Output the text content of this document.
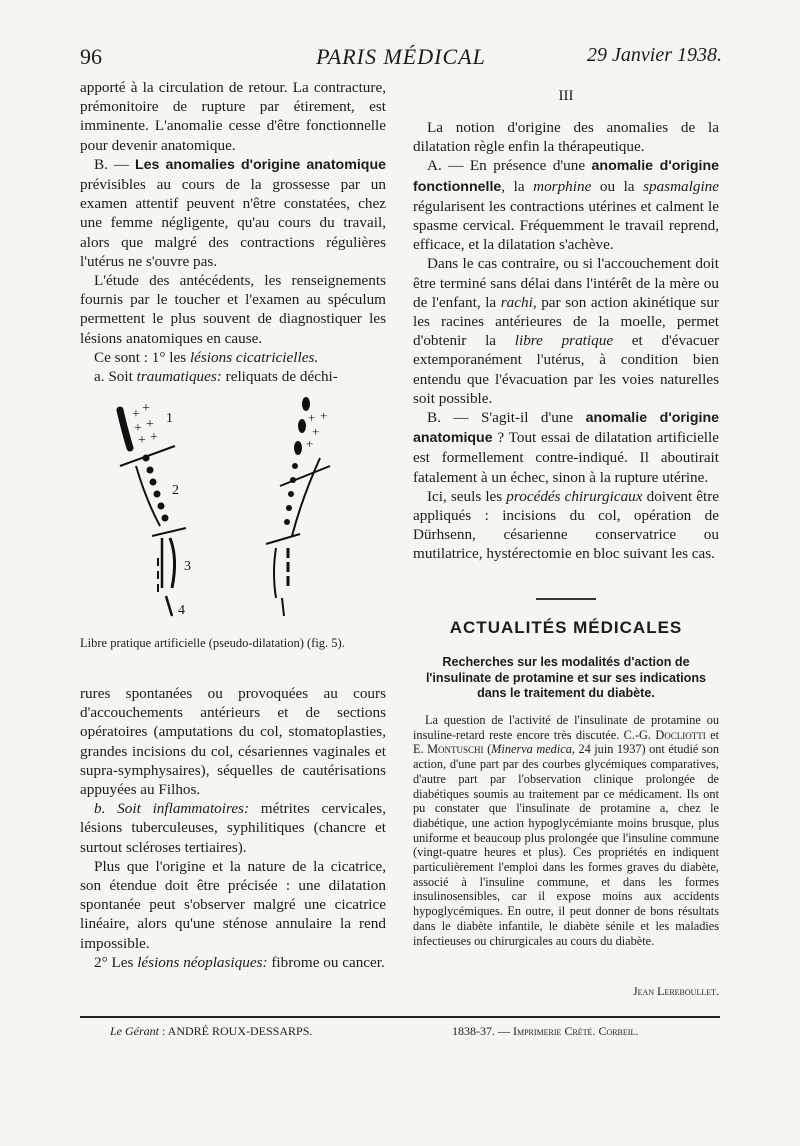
96	PARIS MÉDICAL	29 Janvier 1938.

apporté à la circulation de retour. La contracture, prémonitoire de rupture par étirement, est imminente. L'anomalie cesse d'être fonctionnelle pour devenir anatomique.

B. — Les anomalies d'origine anatomique prévisibles au cours de la grossesse par un examen attentif peuvent n'être constatées, chez une femme négligente, qu'au cours du travail, alors que malgré des contractions régulières l'utérus ne s'ouvre pas.

L'étude des antécédents, les renseignements fournis par le toucher et l'examen au spéculum permettent le plus souvent de diagnostiquer les lésions anatomiques en cause.

Ce sont : 1° les lésions cicatricielles.

a. Soit traumatiques: reliquats de déchi-

+ +
+ +
+ +
1
2
3
4
+ +
+
+
Libre pratique artificielle (pseudo-dilatation) (fig. 5).

rures spontanées ou provoquées au cours d'accouchements antérieurs et de sections opératoires (amputations du col, stomatoplasties, grandes incisions du col, césariennes vaginales et supra-symphysaires), séquelles de cautérisations appuyées au Filhos.

b. Soit inflammatoires: métrites cervicales, lésions tuberculeuses, syphilitiques (chancre et surtout scléroses tertiaires).

Plus que l'origine et la nature de la cicatrice, son étendue doit être précisée : une dilatation spontanée peut s'observer malgré une cicatrice linéaire, alors qu'une sténose annulaire la rend impossible.

2° Les lésions néoplasiques: fibrome ou cancer.

III

La notion d'origine des anomalies de la dilatation règle enfin la thérapeutique.

A. — En présence d'une anomalie d'origine fonctionnelle, la morphine ou la spasmalgine régularisent les contractions utérines et calment le spasme cervical. Fréquemment le travail reprend, efficace, et la dilatation s'achève.

Dans le cas contraire, ou si l'accouchement doit être terminé sans délai dans l'intérêt de la mère ou de l'enfant, la rachi, par son action akinétique sur les racines antérieures de la moelle, permet d'obtenir la libre pratique et d'évacuer extemporanément l'utérus, à condition bien entendu que l'évacuation par les voies naturelles soit possible.

B. — S'agit-il d'une anomalie d'origine anatomique ? Tout essai de dilatation artificielle est formellement contre-indiqué. Il aboutirait fatalement à un échec, sinon à la rupture utérine.

Ici, seuls les procédés chirurgicaux doivent être appliqués : incisions du col, opération de Dürhsenn, césarienne conservatrice ou mutilatrice, hystérectomie en bloc suivant les cas.

ACTUALITÉS MÉDICALES
Recherches sur les modalités d'action de l'insulinate de protamine et sur ses indications dans le traitement du diabète.

La question de l'activité de l'insulinate de protamine ou insuline-retard reste encore très discutée. C.-G. Docliotti et E. Montuschi (Minerva medica, 24 juin 1937) ont étudié son action, d'une part par des courbes glycémiques comparatives, d'autre part par l'observation clinique prolongée de diabétiques soumis au traitement par ce médicament. Ils ont pu constater que l'insulinate de protamine a, chez le diabétique, une action hypoglycémiante moins brusque, plus uniforme et beaucoup plus prolongée que l'insuline commune (vingt-quatre heures et plus). Ces propriétés en indiquent particulièrement l'emploi dans les formes graves du diabète, associé à l'insuline commune, et dans les formes insulinosensibles, car il expose moins aux accidents hypoglycémiques. En outre, il peut donner de bons résultats dans le diabète infantile, le diabète sénile et les maladies infectieuses ou chirurgicales au cours du diabète.

Jean Lereboullet.
Le Gérant : ANDRÉ ROUX-DESSARPS.	1838-37. — Imprimerie Crété. Corbeil.
